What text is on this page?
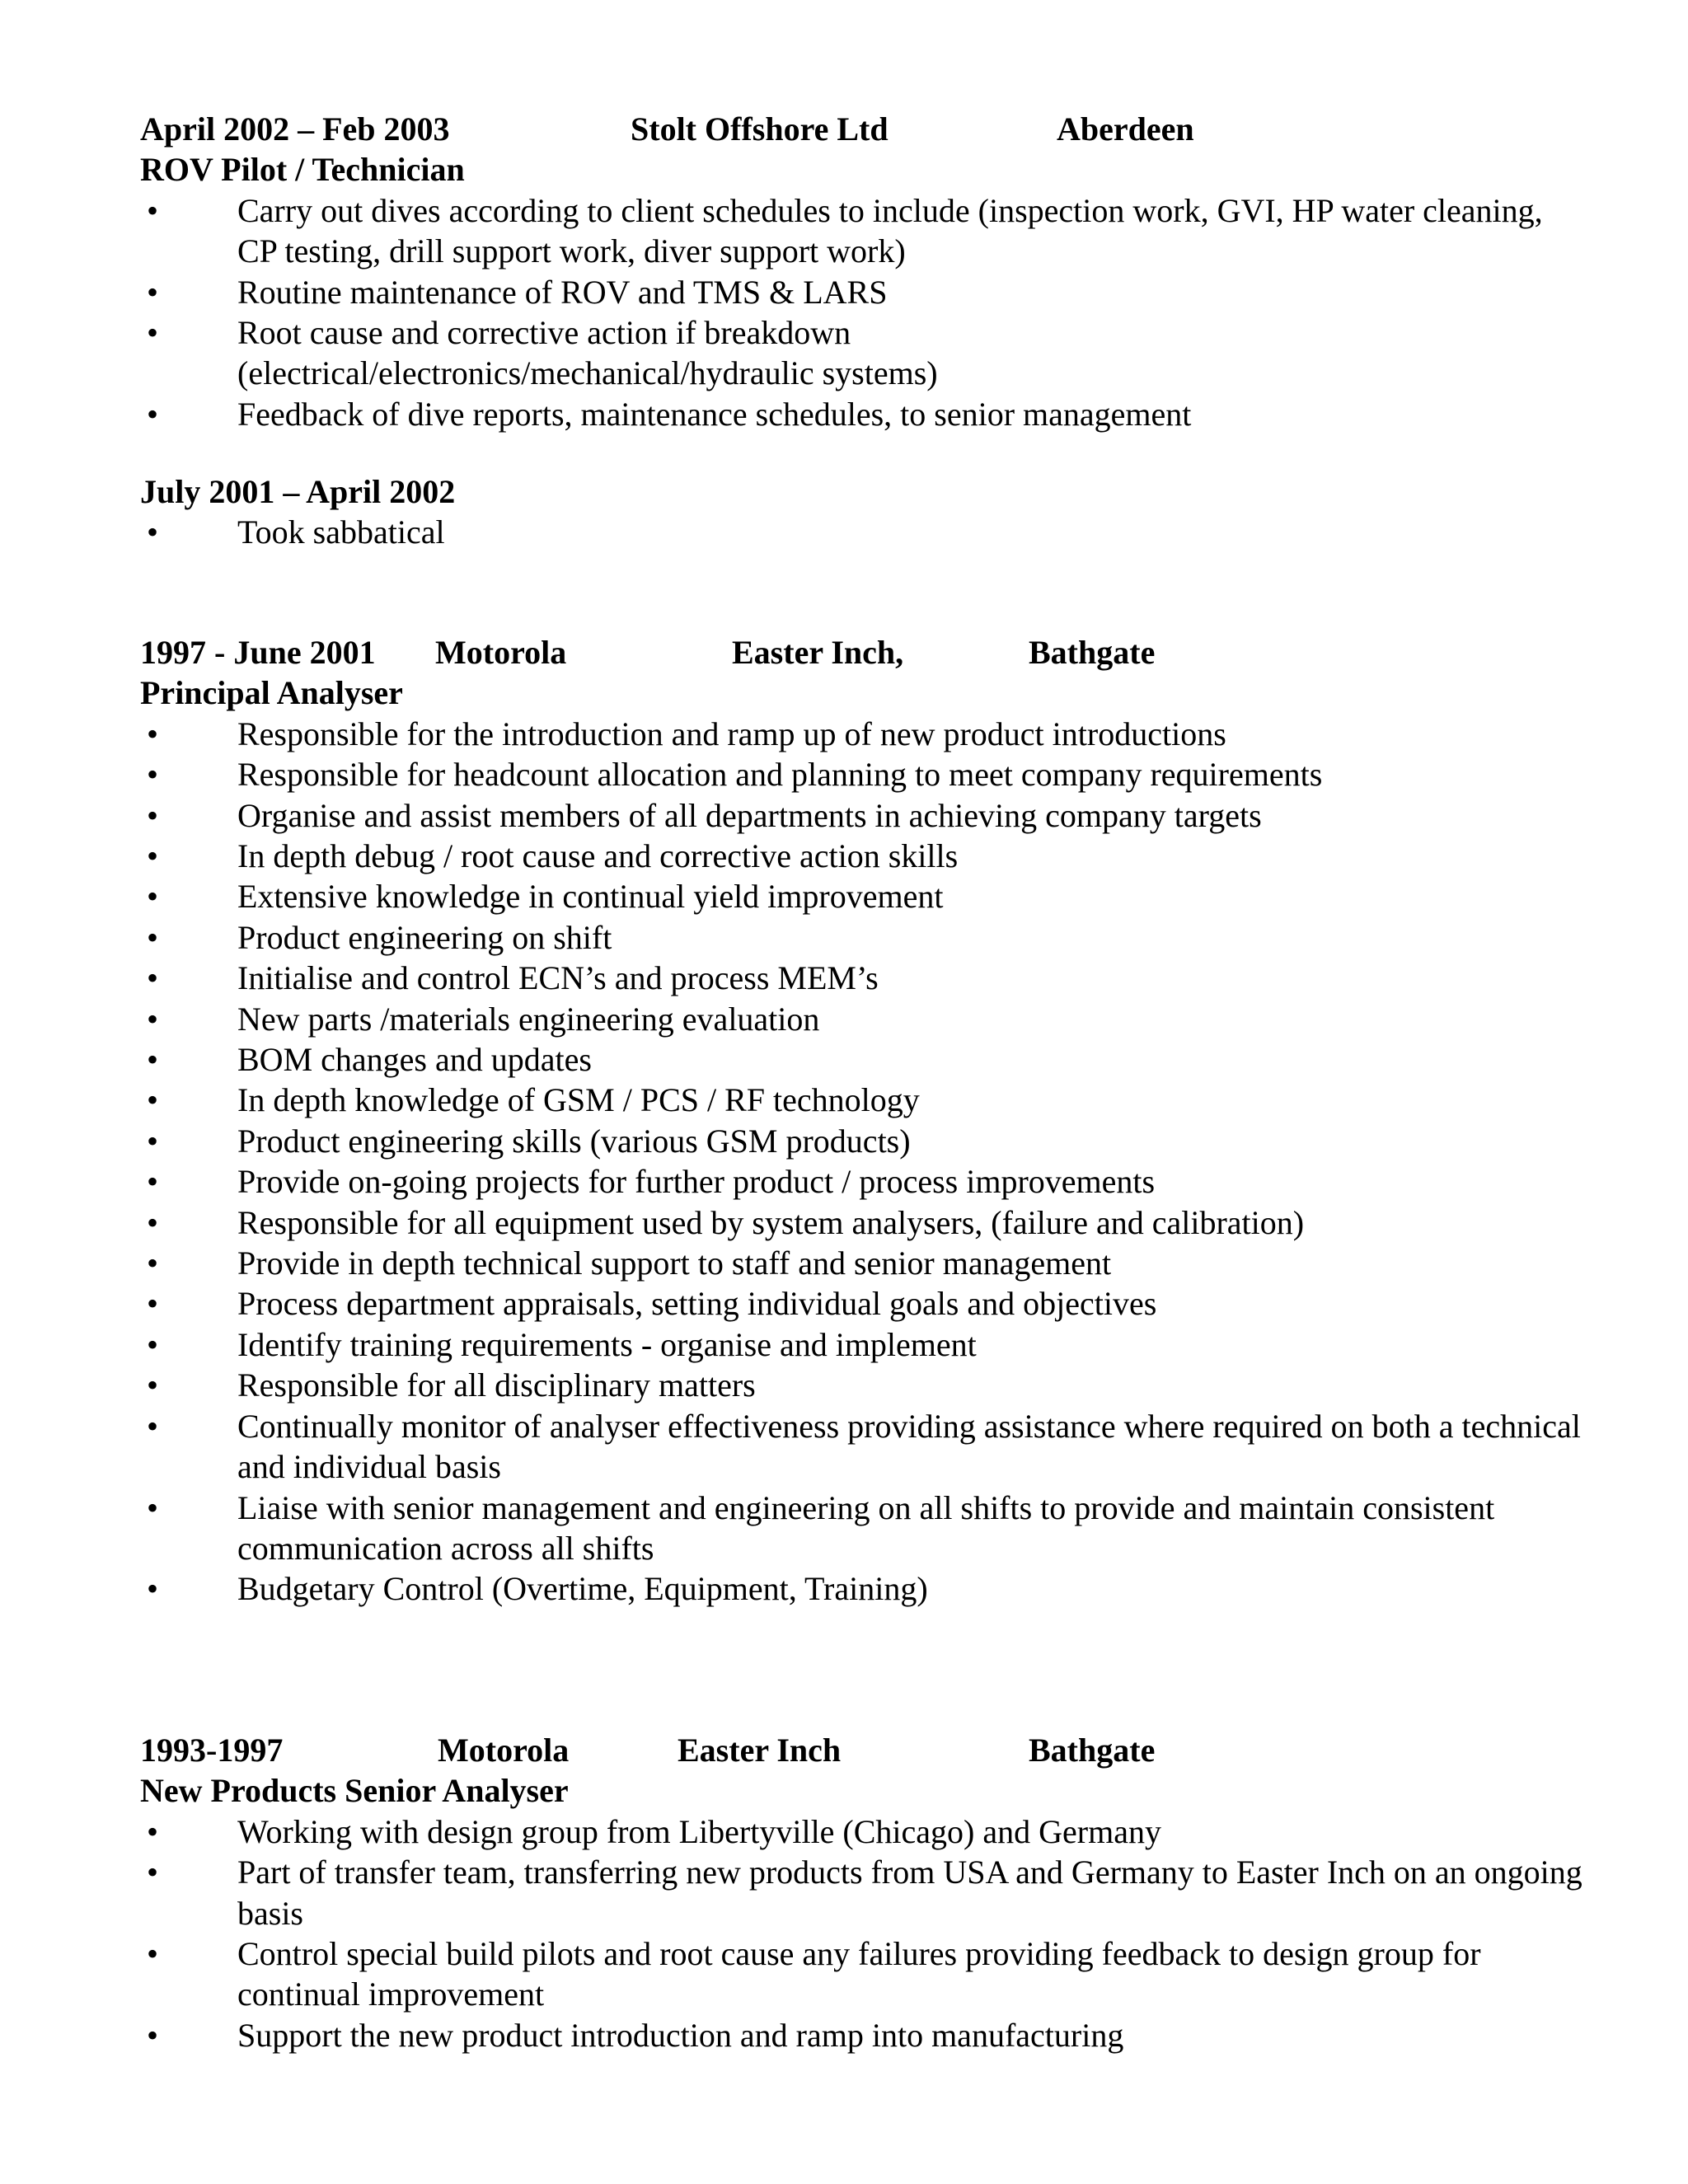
April 2002 – Feb 2003	Stolt Offshore Ltd	Aberdeen
ROV Pilot / Technician
• Carry out dives according to client schedules to include (inspection work, GVI, HP water cleaning, CP testing, drill support work, diver support work)
• Routine maintenance of ROV and TMS & LARS
• Root cause and corrective action if breakdown (electrical/electronics/mechanical/hydraulic systems)
• Feedback of dive reports, maintenance schedules, to senior management
July 2001 – April 2002
• Took sabbatical
1997 - June 2001 Motorola	Easter Inch,	Bathgate
Principal Analyser
• Responsible for the introduction and ramp up of new product introductions
• Responsible for headcount allocation and planning to meet company requirements
• Organise and assist members of all departments in achieving company targets
• In depth debug / root cause and corrective action skills
• Extensive knowledge in continual yield improvement
• Product engineering on shift
• Initialise and control ECN’s and process MEM’s
• New parts /materials engineering evaluation
• BOM changes and updates
• In depth knowledge of GSM / PCS / RF technology
• Product engineering skills (various GSM products)
• Provide on-going projects for further product / process improvements
• Responsible for all equipment used by system analysers, (failure and calibration)
• Provide in depth technical support to staff and senior management
• Process department appraisals, setting individual goals and objectives
• Identify training requirements - organise and implement
• Responsible for all disciplinary matters
• Continually monitor of analyser effectiveness providing assistance where required on both a technical and individual basis
• Liaise with senior management and engineering on all shifts to provide and maintain consistent communication across all shifts
• Budgetary Control (Overtime, Equipment, Training)
1993-1997	Motorola	Easter Inch	Bathgate
New Products Senior Analyser
• Working with design group from Libertyville (Chicago) and Germany
• Part of transfer team, transferring new products from USA and Germany to Easter Inch on an ongoing basis
• Control special build pilots and root cause any failures providing feedback to design group for continual improvement
• Support the new product introduction and ramp into manufacturing
